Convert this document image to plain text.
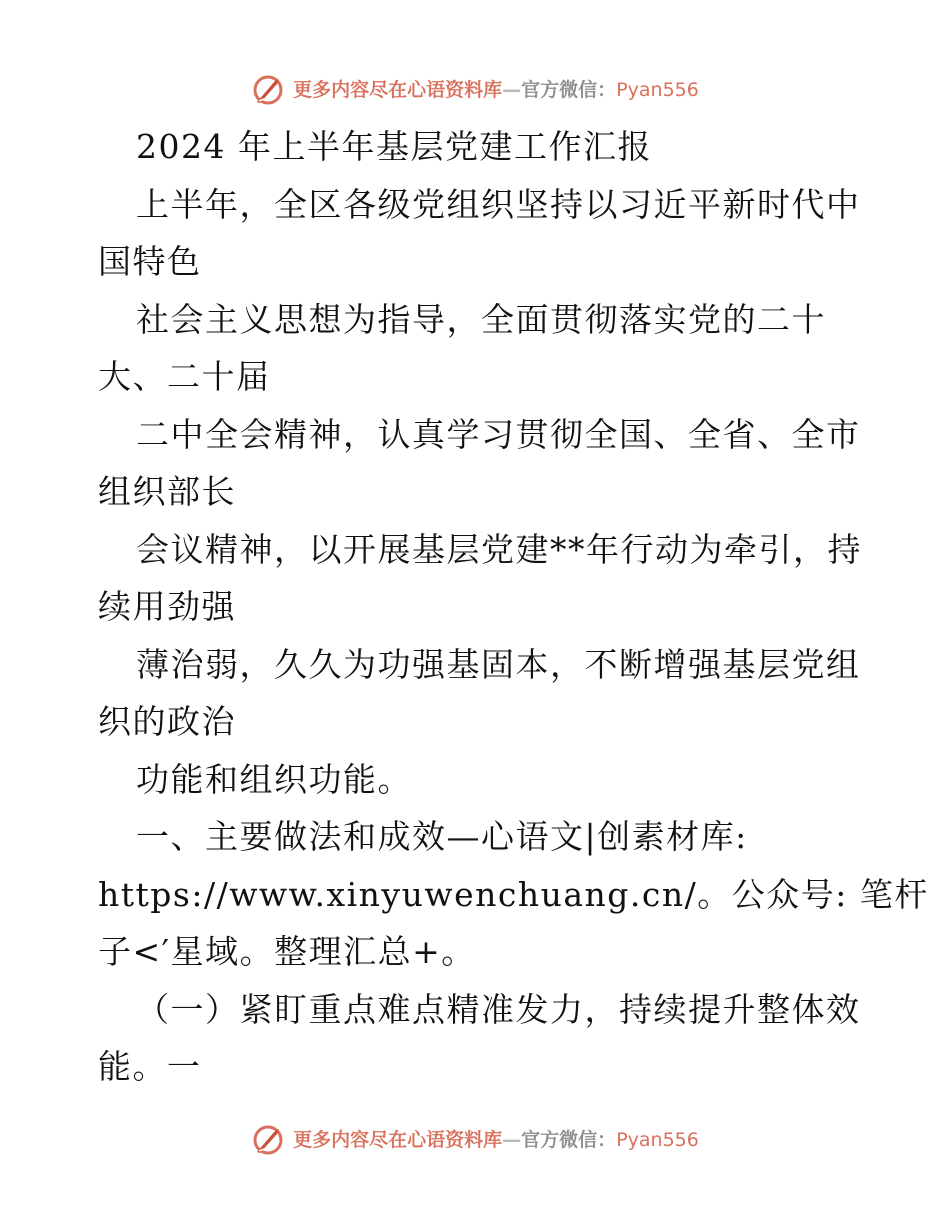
更多内容尽在心语资料库—官方微信：Pyan556

2024 年上半年基层党建工作汇报

上半年，全区各级党组织坚持以习近平新时代中

国特色

社会主义思想为指导，全面贯彻落实党的二十

大、二十届

二中全会精神，认真学习贯彻全国、全省、全市

组织部长

会议精神，以开展基层党建**年行动为牵引，持

续用劲强

薄治弱，久久为功强基固本，不断增强基层党组

织的政治

功能和组织功能。

一、主要做法和成效—心语文|创素材库:

https://www.xinyuwenchuang.cn/。公众号: 笔杆

子<′星域。整理汇总+。

（一）紧盯重点难点精准发力，持续提升整体效

能。一

更多内容尽在心语资料库—官方微信：Pyan556
